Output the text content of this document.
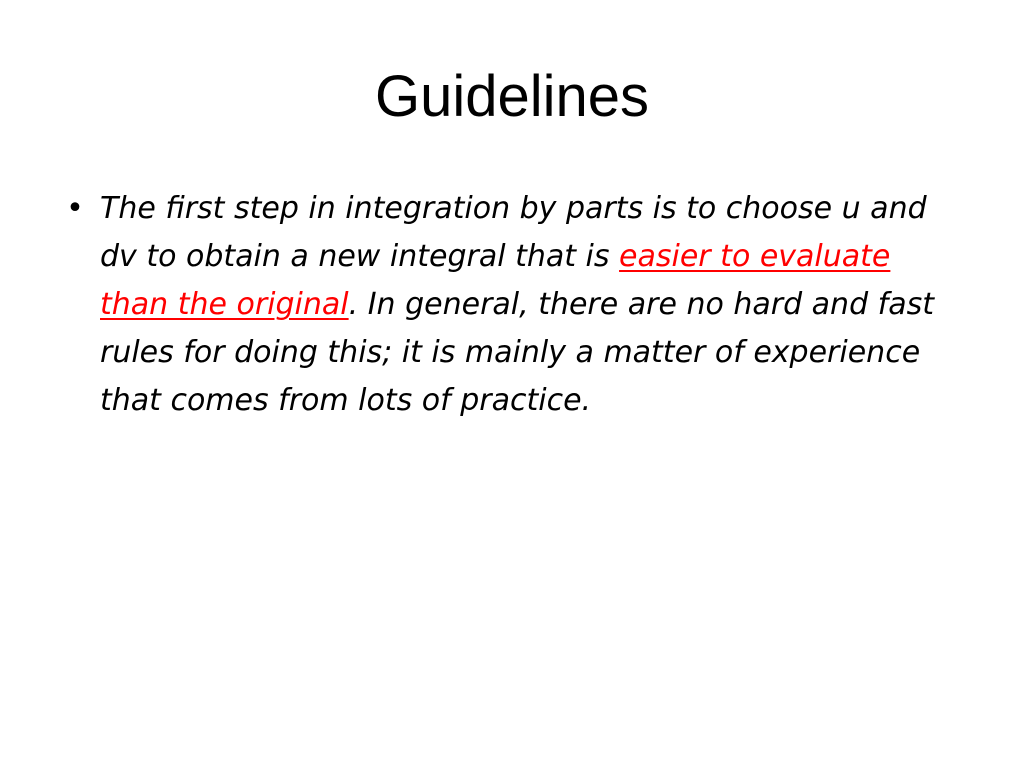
Guidelines
• The first step in integration by parts is to choose u and dv to obtain a new integral that is easier to evaluate than the original. In general, there are no hard and fast rules for doing this; it is mainly a matter of experience that comes from lots of practice.
